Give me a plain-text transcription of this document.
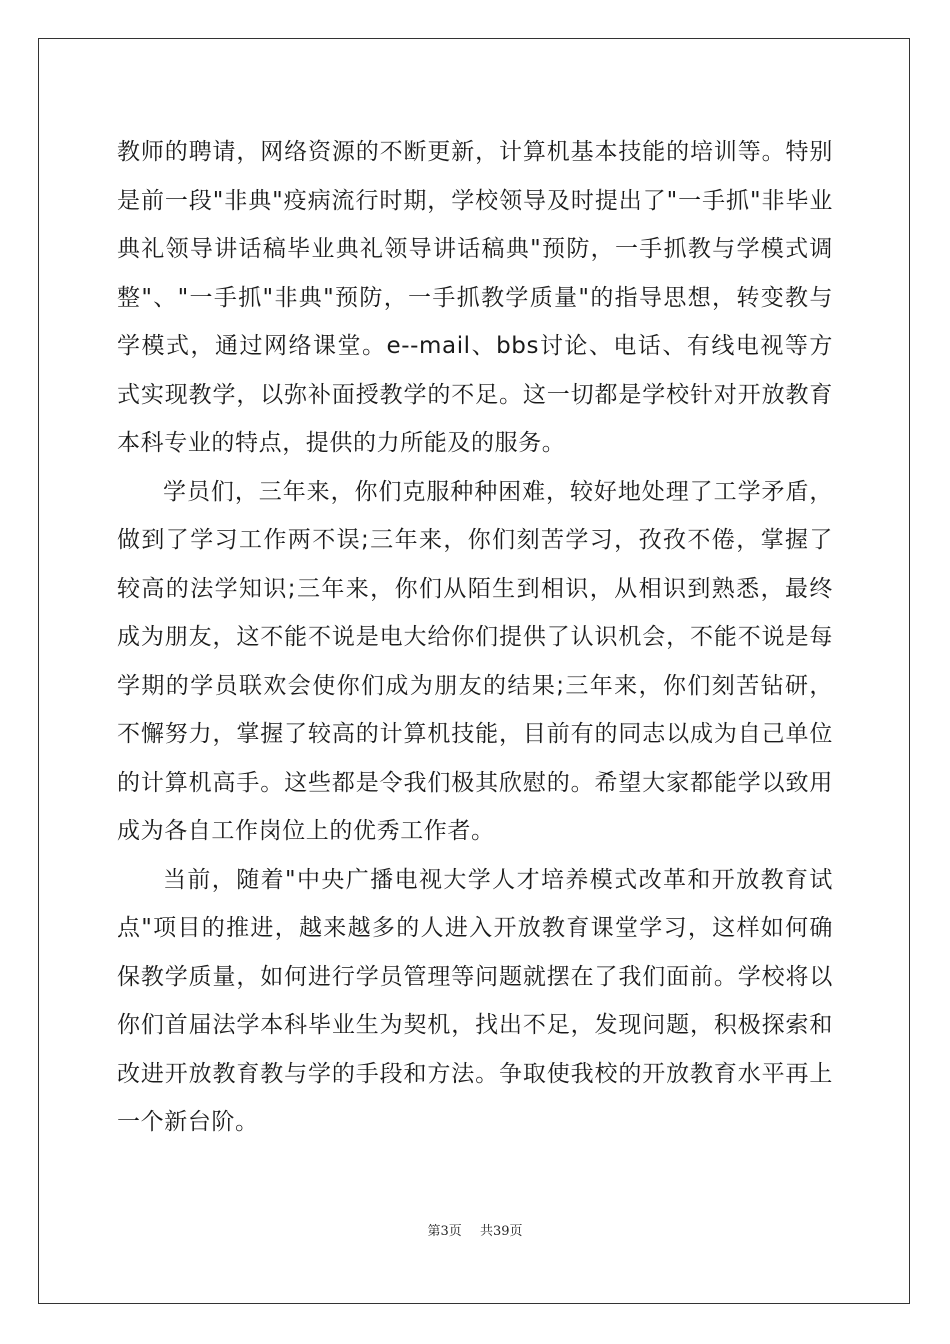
教师的聘请，网络资源的不断更新，计算机基本技能的培训等。特别是前一段"非典"疫病流行时期，学校领导及时提出了"一手抓"非毕业典礼领导讲话稿毕业典礼领导讲话稿典"预防，一手抓教与学模式调整"、"一手抓"非典"预防，一手抓教学质量"的指导思想，转变教与学模式，通过网络课堂。e--mail、bbs讨论、电话、有线电视等方式实现教学，以弥补面授教学的不足。这一切都是学校针对开放教育本科专业的特点，提供的力所能及的服务。

学员们，三年来，你们克服种种困难，较好地处理了工学矛盾，做到了学习工作两不误;三年来，你们刻苦学习，孜孜不倦，掌握了较高的法学知识;三年来，你们从陌生到相识，从相识到熟悉，最终成为朋友，这不能不说是电大给你们提供了认识机会，不能不说是每学期的学员联欢会使你们成为朋友的结果;三年来，你们刻苦钻研，不懈努力，掌握了较高的计算机技能，目前有的同志以成为自己单位的计算机高手。这些都是令我们极其欣慰的。希望大家都能学以致用成为各自工作岗位上的优秀工作者。

当前，随着"中央广播电视大学人才培养模式改革和开放教育试点"项目的推进，越来越多的人进入开放教育课堂学习，这样如何确保教学质量，如何进行学员管理等问题就摆在了我们面前。学校将以你们首届法学本科毕业生为契机，找出不足，发现问题，积极探索和改进开放教育教与学的手段和方法。争取使我校的开放教育水平再上一个新台阶。

第3页 共39页
